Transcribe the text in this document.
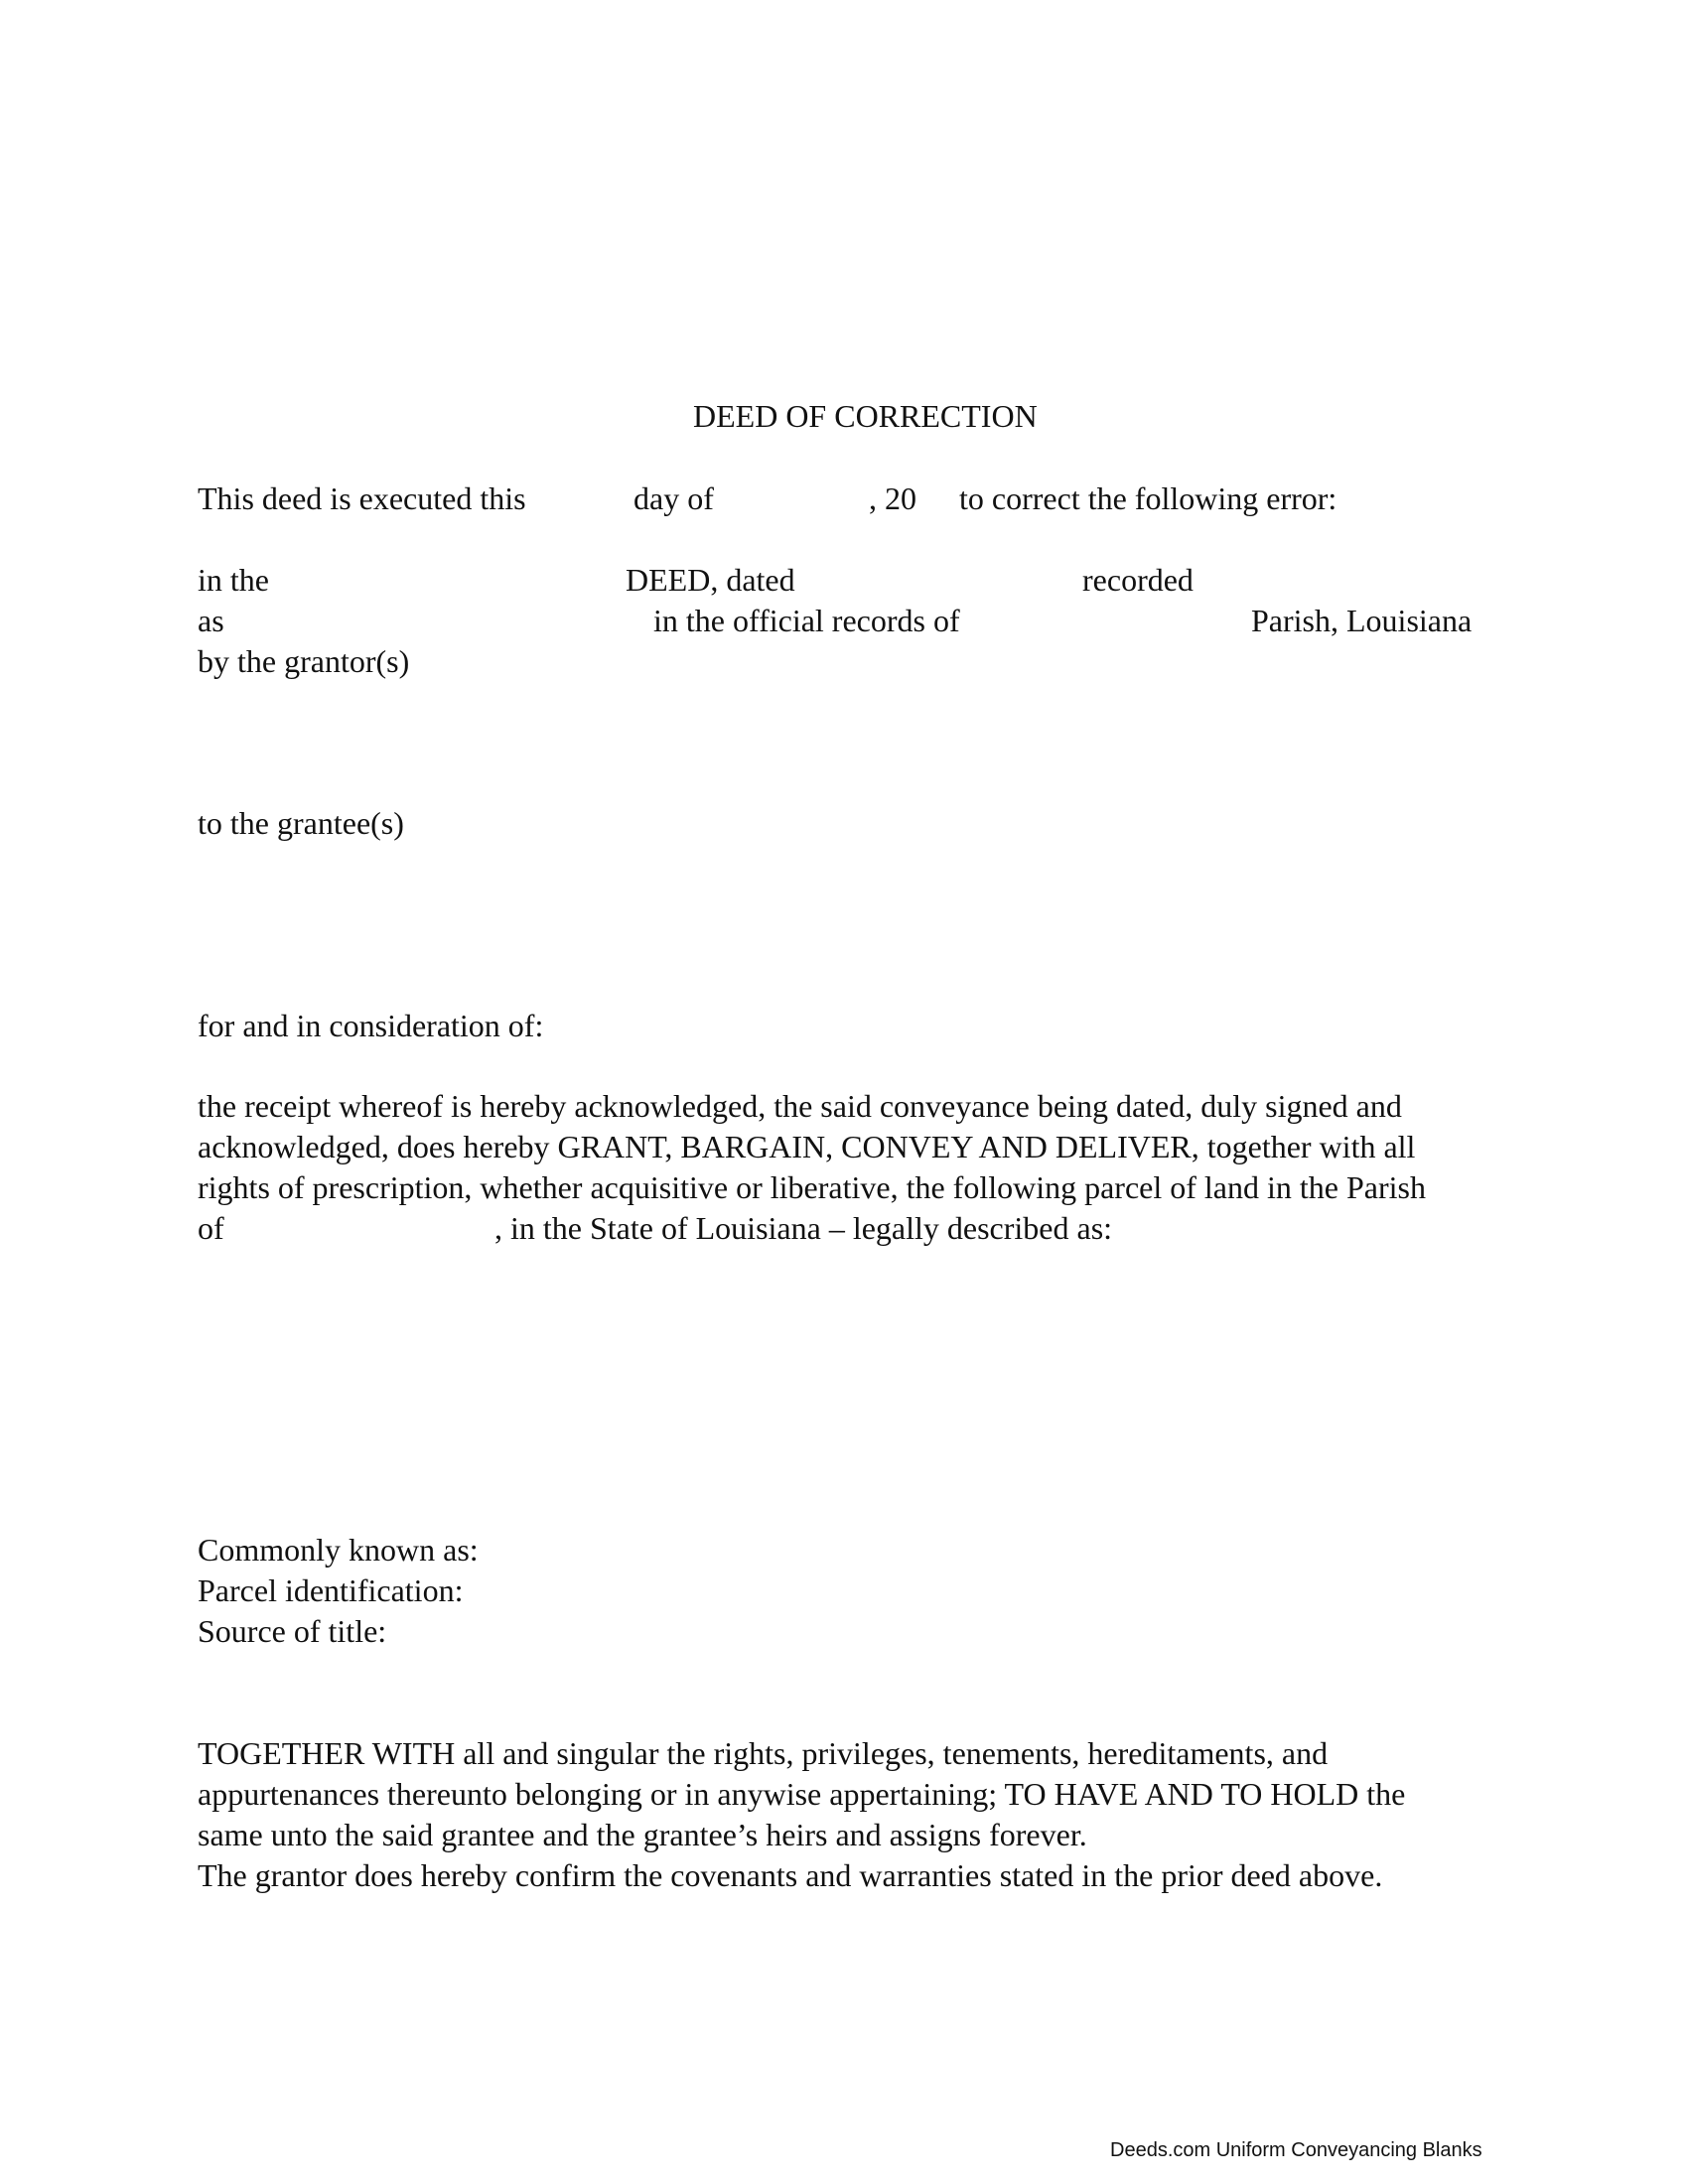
DEED OF CORRECTION
This deed is executed this	day of	, 20 to correct the following error:
in the	DEED, dated	recorded
as	in the official records of	Parish, Louisiana
by the grantor(s)
to the grantee(s)
for and in consideration of:
the receipt whereof is hereby acknowledged, the said conveyance being dated, duly signed and
acknowledged, does hereby GRANT, BARGAIN, CONVEY AND DELIVER, together with all
rights of prescription, whether acquisitive or liberative, the following parcel of land in the Parish
of	, in the State of Louisiana – legally described as:
Commonly known as:
Parcel identification:
Source of title:
TOGETHER WITH all and singular the rights, privileges, tenements, hereditaments, and
appurtenances thereunto belonging or in anywise appertaining; TO HAVE AND TO HOLD the
same unto the said grantee and the grantee’s heirs and assigns forever.
The grantor does hereby confirm the covenants and warranties stated in the prior deed above.
Deeds.com Uniform Conveyancing Blanks
